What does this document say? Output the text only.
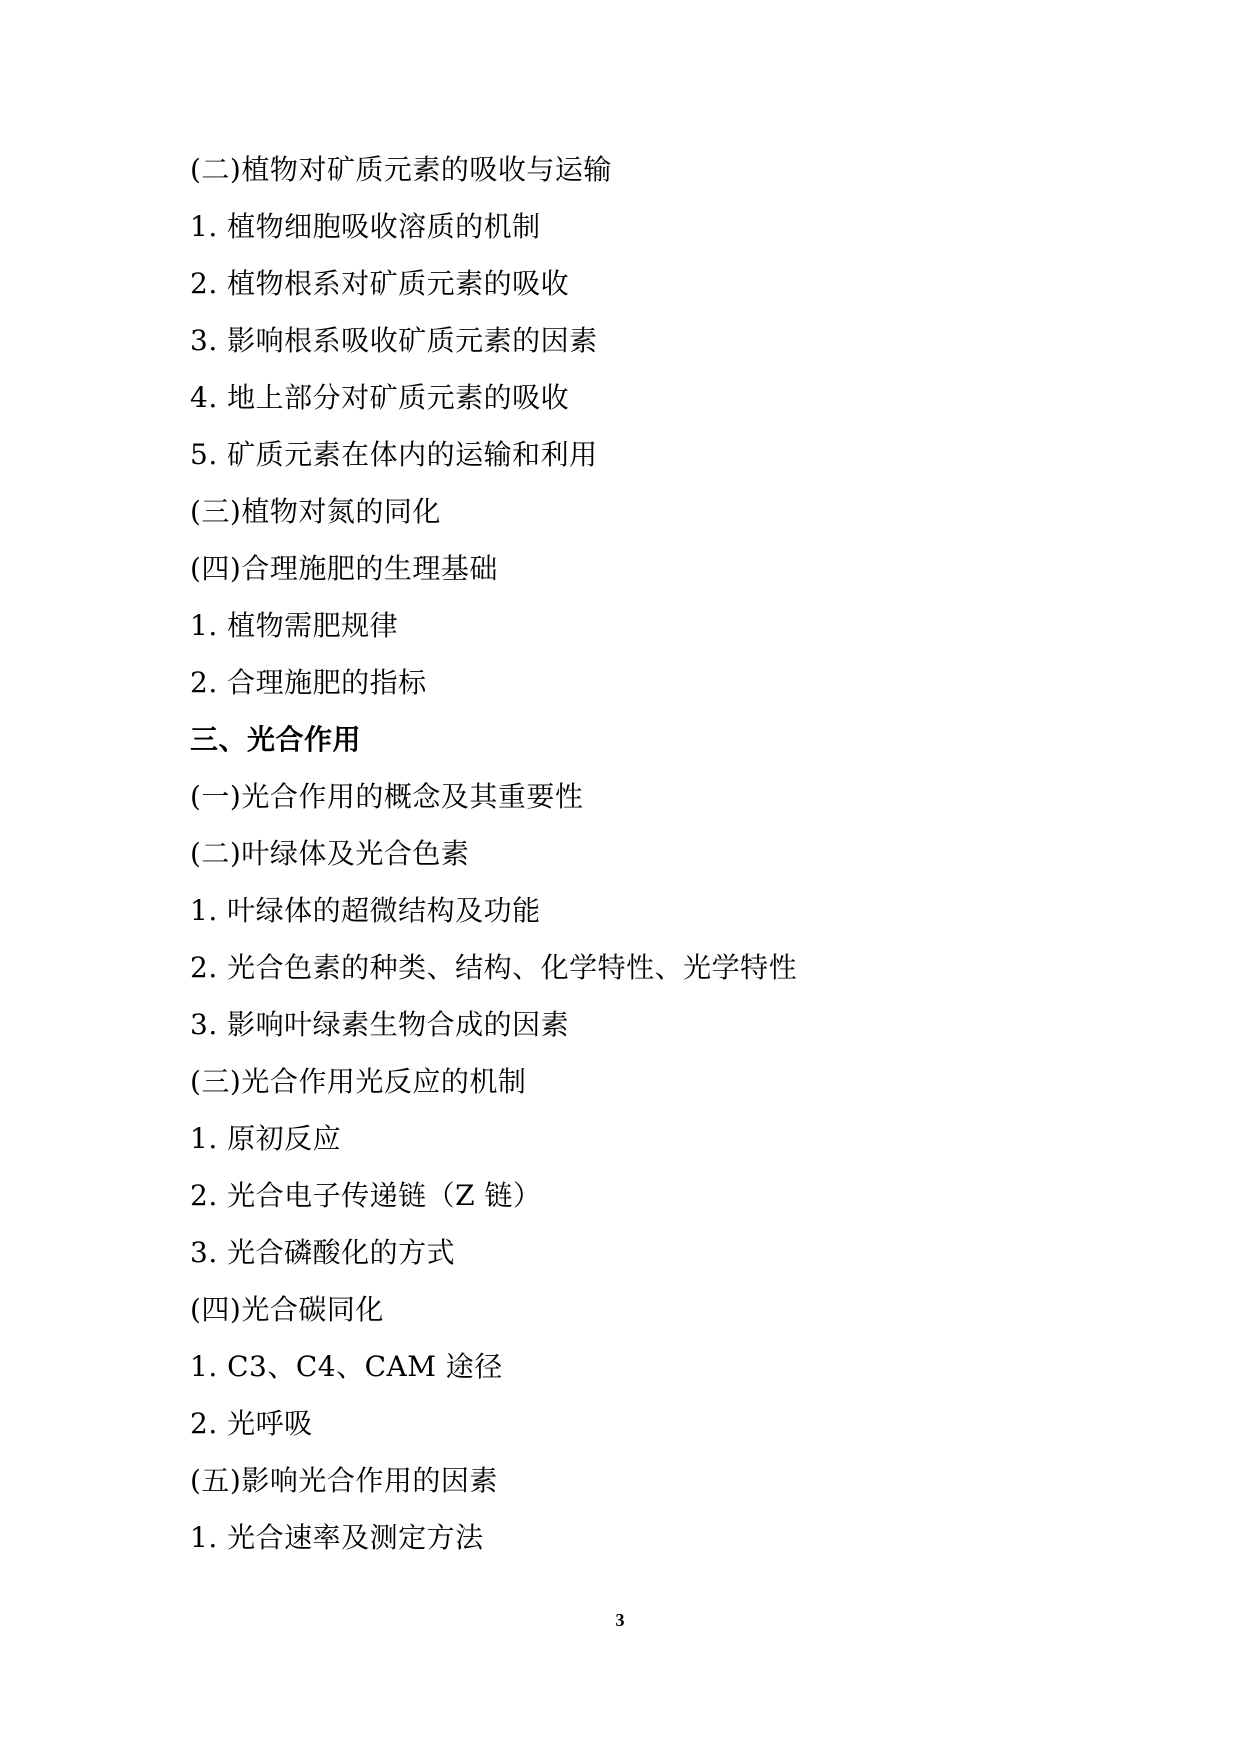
(二)植物对矿质元素的吸收与运输
1. 植物细胞吸收溶质的机制
2. 植物根系对矿质元素的吸收
3. 影响根系吸收矿质元素的因素
4. 地上部分对矿质元素的吸收
5. 矿质元素在体内的运输和利用
(三)植物对氮的同化
(四)合理施肥的生理基础
1. 植物需肥规律
2. 合理施肥的指标
三、光合作用
(一)光合作用的概念及其重要性
(二)叶绿体及光合色素
1. 叶绿体的超微结构及功能
2. 光合色素的种类、结构、化学特性、光学特性
3. 影响叶绿素生物合成的因素
(三)光合作用光反应的机制
1. 原初反应
2. 光合电子传递链（Z 链）
3. 光合磷酸化的方式
(四)光合碳同化
1. C3、C4、CAM 途径
2. 光呼吸
(五)影响光合作用的因素
1. 光合速率及测定方法
3
